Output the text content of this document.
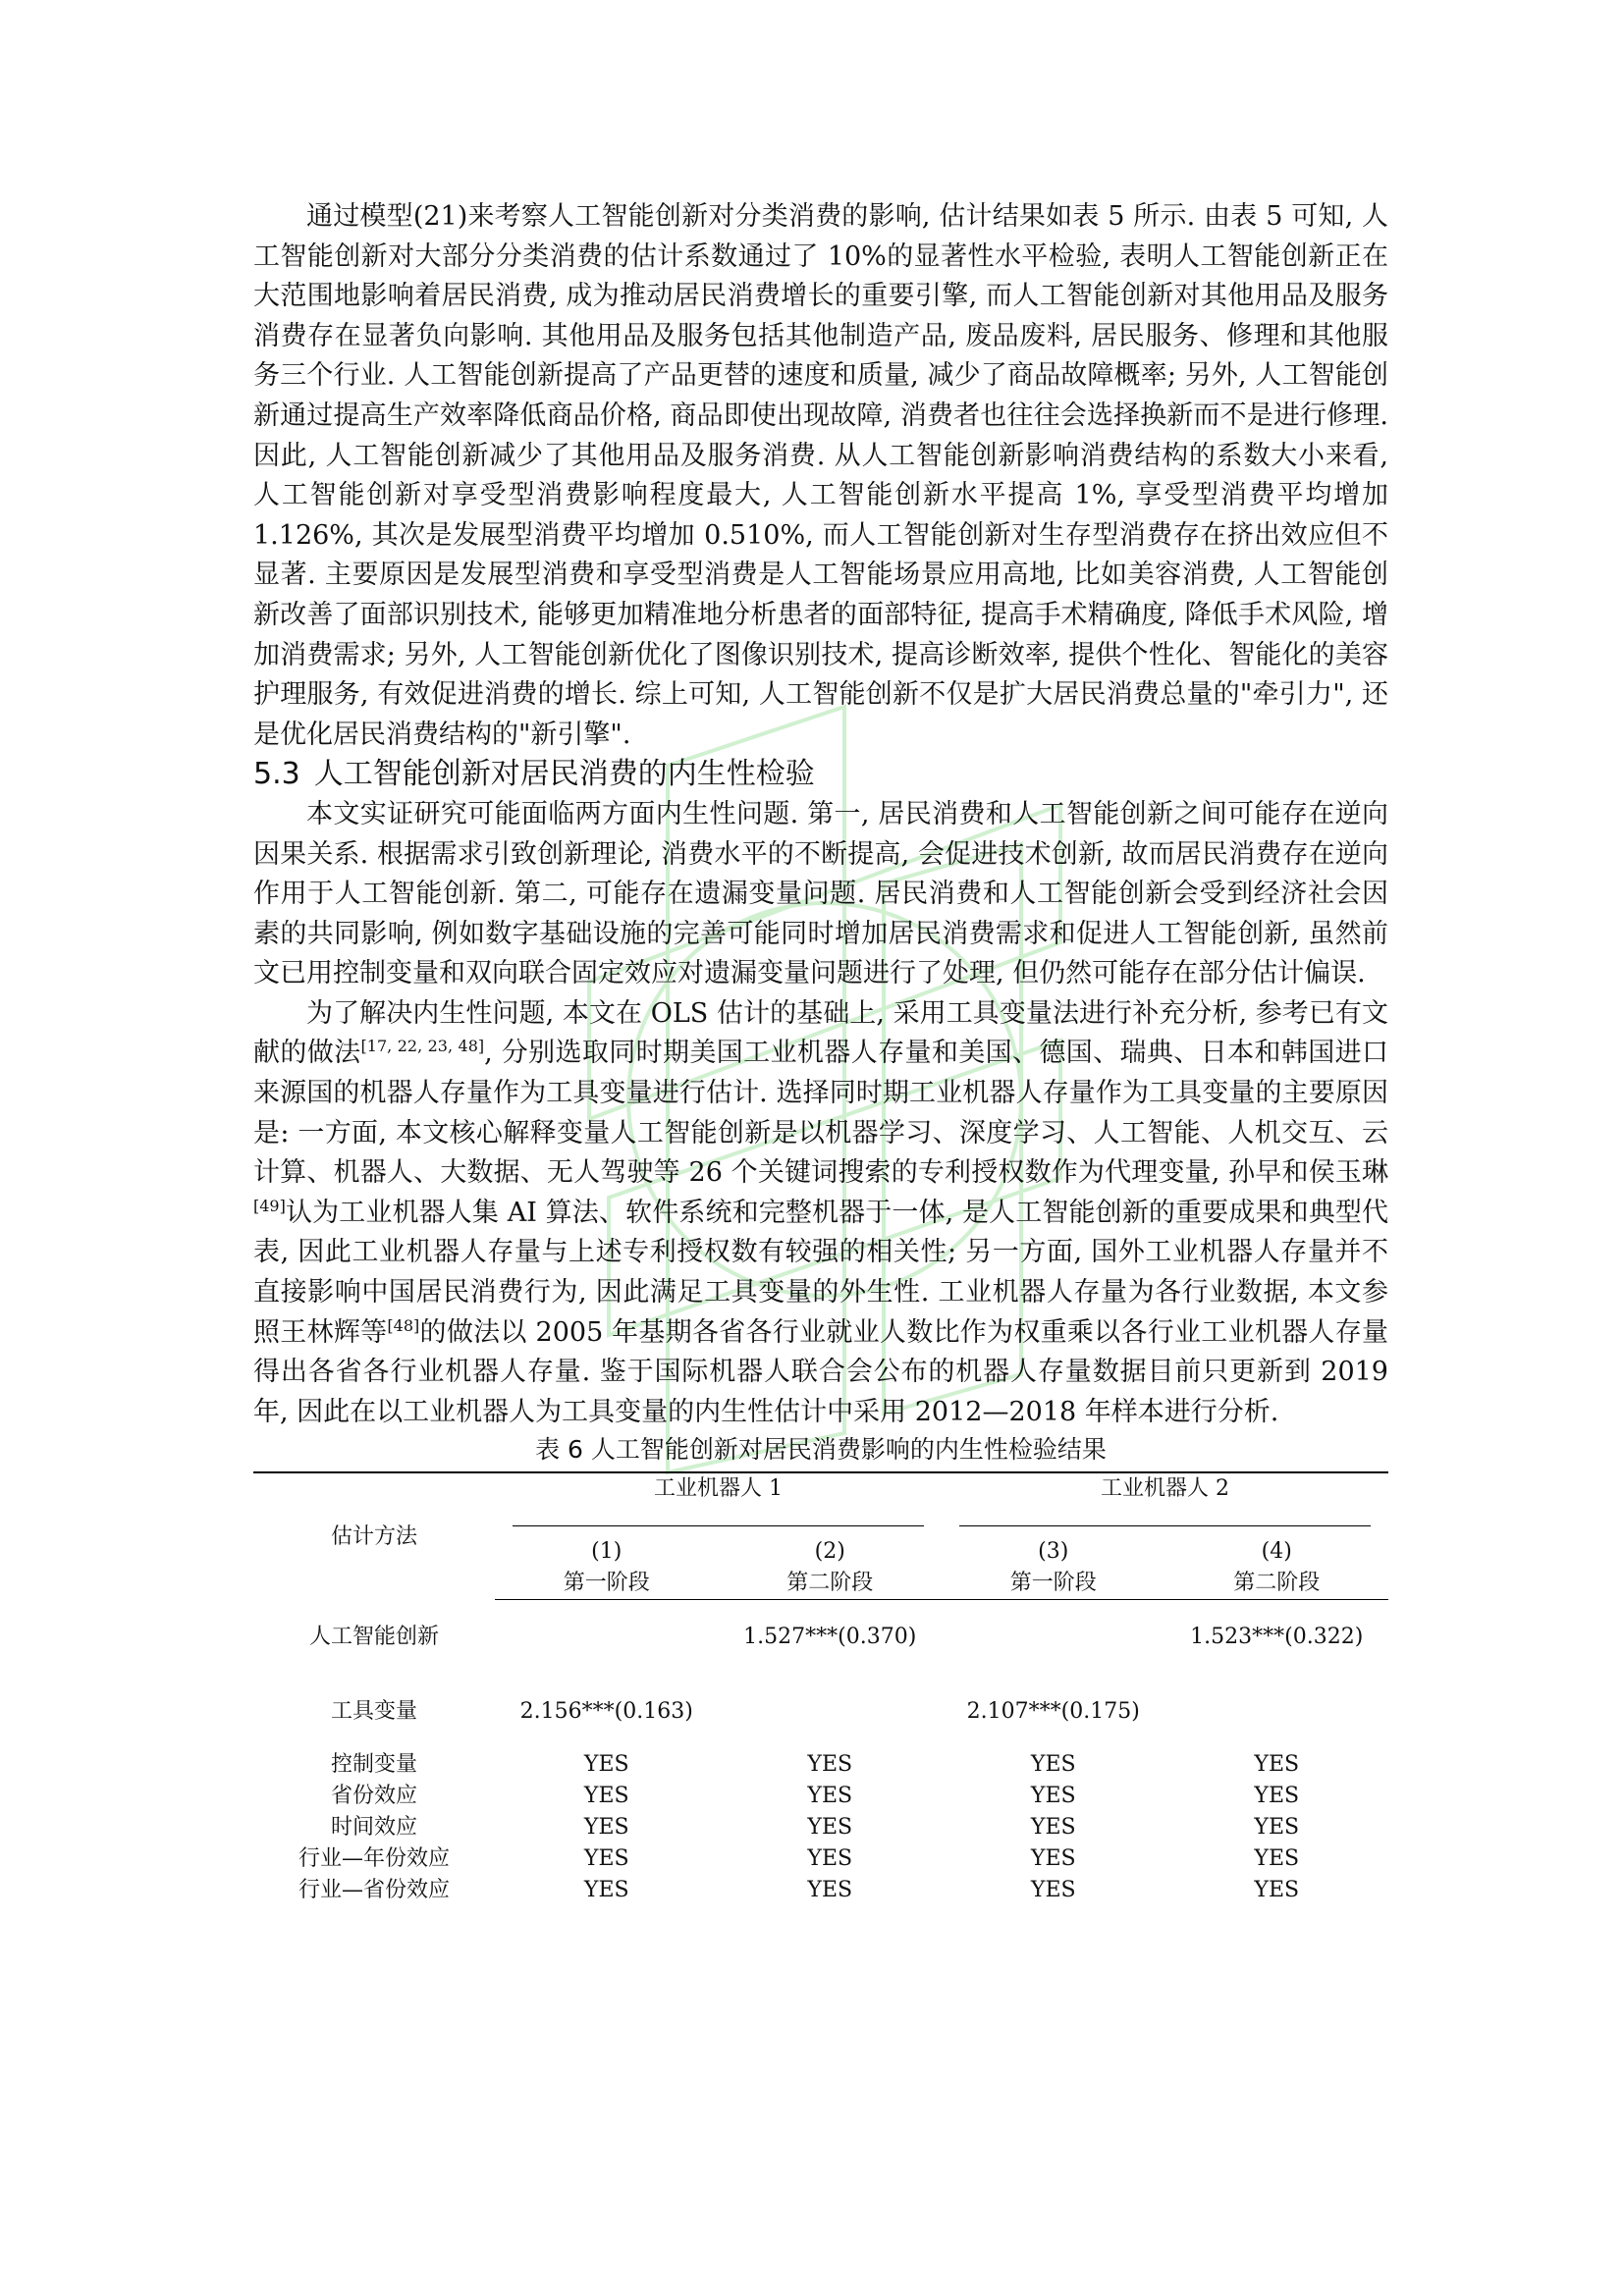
通过模型(21)来考察人工智能创新对分类消费的影响, 估计结果如表 5 所示. 由表 5 可知, 人工智能创新对大部分分类消费的估计系数通过了 10%的显著性水平检验, 表明人工智能创新正在大范围地影响着居民消费, 成为推动居民消费增长的重要引擎, 而人工智能创新对其他用品及服务消费存在显著负向影响. 其他用品及服务包括其他制造产品, 废品废料, 居民服务、修理和其他服务三个行业. 人工智能创新提高了产品更替的速度和质量, 减少了商品故障概率; 另外, 人工智能创新通过提高生产效率降低商品价格, 商品即使出现故障, 消费者也往往会选择换新而不是进行修理. 因此, 人工智能创新减少了其他用品及服务消费. 从人工智能创新影响消费结构的系数大小来看, 人工智能创新对享受型消费影响程度最大, 人工智能创新水平提高 1%, 享受型消费平均增加 1.126%, 其次是发展型消费平均增加 0.510%, 而人工智能创新对生存型消费存在挤出效应但不显著. 主要原因是发展型消费和享受型消费是人工智能场景应用高地, 比如美容消费, 人工智能创新改善了面部识别技术, 能够更加精准地分析患者的面部特征, 提高手术精确度, 降低手术风险, 增加消费需求; 另外, 人工智能创新优化了图像识别技术, 提高诊断效率, 提供个性化、智能化的美容护理服务, 有效促进消费的增长. 综上可知, 人工智能创新不仅是扩大居民消费总量的"牵引力", 还是优化居民消费结构的"新引擎".

5.3 人工智能创新对居民消费的内生性检验

本文实证研究可能面临两方面内生性问题. 第一, 居民消费和人工智能创新之间可能存在逆向因果关系. 根据需求引致创新理论, 消费水平的不断提高, 会促进技术创新, 故而居民消费存在逆向作用于人工智能创新. 第二, 可能存在遗漏变量问题. 居民消费和人工智能创新会受到经济社会因素的共同影响, 例如数字基础设施的完善可能同时增加居民消费需求和促进人工智能创新, 虽然前文已用控制变量和双向联合固定效应对遗漏变量问题进行了处理, 但仍然可能存在部分估计偏误.

为了解决内生性问题, 本文在 OLS 估计的基础上, 采用工具变量法进行补充分析, 参考已有文献的做法[17, 22, 23, 48], 分别选取同时期美国工业机器人存量和美国、德国、瑞典、日本和韩国进口来源国的机器人存量作为工具变量进行估计. 选择同时期工业机器人存量作为工具变量的主要原因是: 一方面, 本文核心解释变量人工智能创新是以机器学习、深度学习、人工智能、人机交互、云计算、机器人、大数据、无人驾驶等 26 个关键词搜索的专利授权数作为代理变量, 孙早和侯玉琳[49]认为工业机器人集 AI 算法、软件系统和完整机器于一体, 是人工智能创新的重要成果和典型代表, 因此工业机器人存量与上述专利授权数有较强的相关性; 另一方面, 国外工业机器人存量并不直接影响中国居民消费行为, 因此满足工具变量的外生性. 工业机器人存量为各行业数据, 本文参照王林辉等[48]的做法以 2005 年基期各省各行业就业人数比作为权重乘以各行业工业机器人存量得出各省各行业机器人存量. 鉴于国际机器人联合会公布的机器人存量数据目前只更新到 2019 年, 因此在以工业机器人为工具变量的内生性估计中采用 2012—2018 年样本进行分析.

表 6 人工智能创新对居民消费影响的内生性检验结果

估计方法	工业机器人 1		工业机器人 2	

	(1)	(2)	(3)	(4)
	第一阶段	第二阶段	第一阶段	第二阶段
人工智能创新		1.527***(0.370)		1.523***(0.322)
工具变量	2.156***(0.163)		2.107***(0.175)	
控制变量	YES	YES	YES	YES
省份效应	YES	YES	YES	YES
时间效应	YES	YES	YES	YES
行业—年份效应	YES	YES	YES	YES
行业—省份效应	YES	YES	YES	YES
